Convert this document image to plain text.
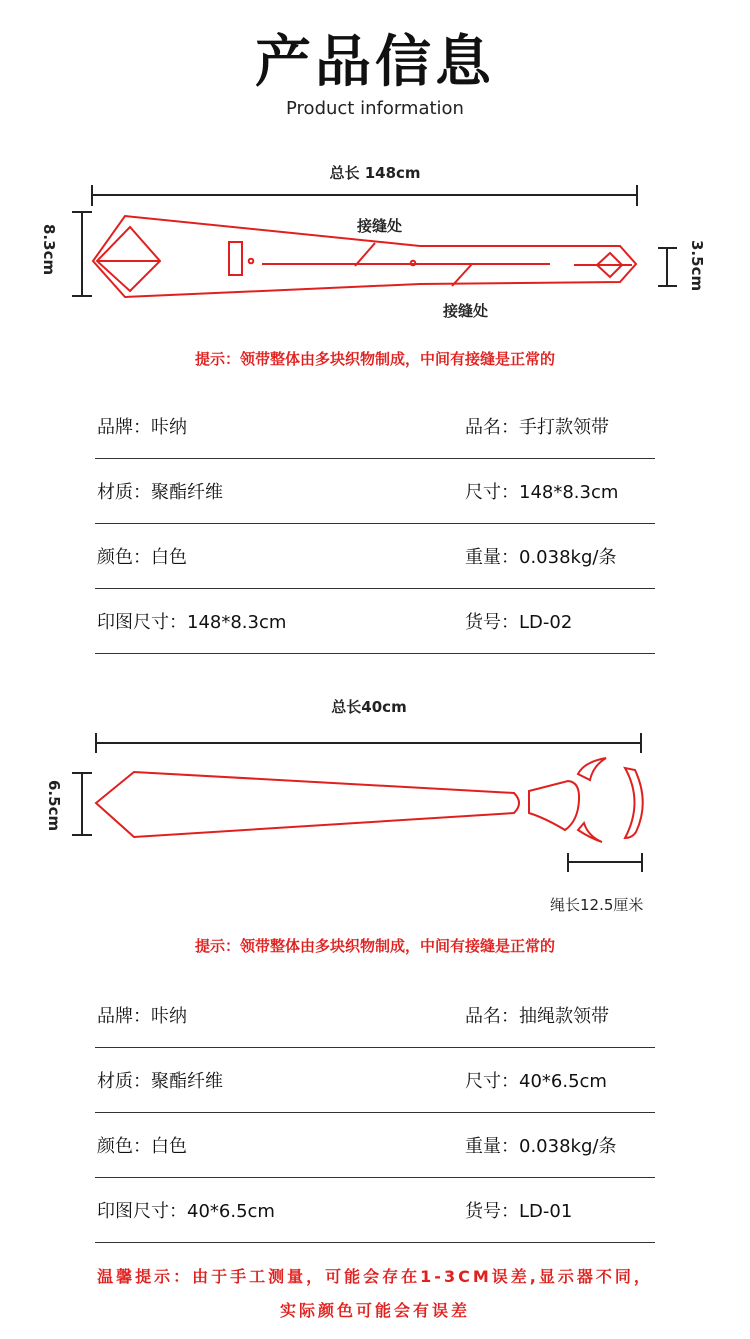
产品信息
Product information
总长 148cm
8.3cm	3.5cm
接缝处
接缝处
提示：领带整体由多块织物制成，中间有接缝是正常的
品牌：咔纳	品名：手打款领带
材质：聚酯纤维	尺寸：148*8.3cm
颜色：白色	重量：0.038kg/条
印图尺寸：148*8.3cm	货号：LD-02
总长40cm
6.5cm
绳长12.5厘米
提示：领带整体由多块织物制成，中间有接缝是正常的
品牌：咔纳	品名：抽绳款领带
材质：聚酯纤维	尺寸：40*6.5cm
颜色：白色	重量：0.038kg/条
印图尺寸：40*6.5cm	货号：LD-01
温馨提示：由于手工测量，可能会存在1-3CM误差,显示器不同，
实际颜色可能会有误差
